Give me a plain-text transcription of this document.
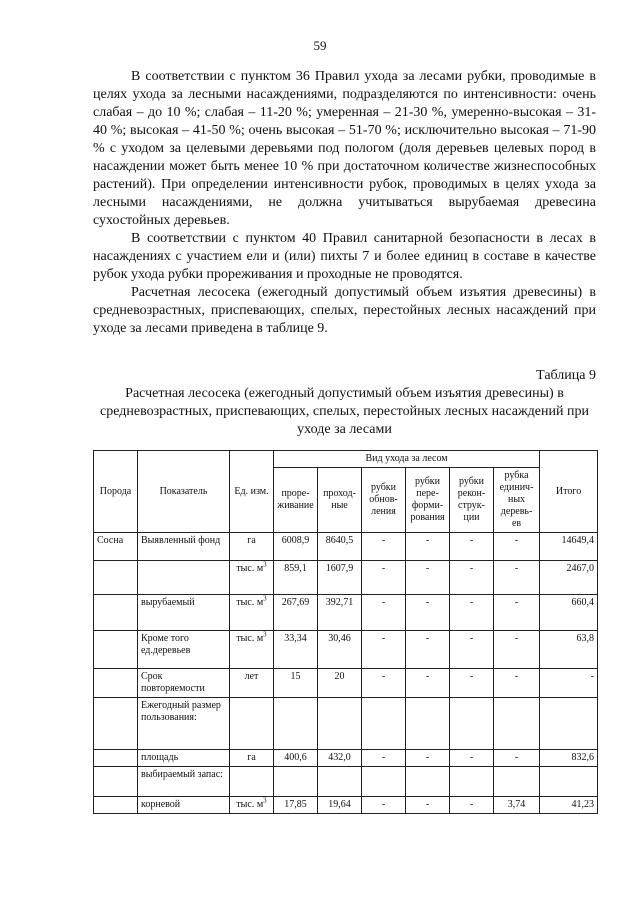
59

В соответствии с пунктом 36 Правил ухода за лесами рубки, проводимые в целях ухода за лесными насаждениями, подразделяются по интенсивности: очень слабая – до 10 %; слабая – 11-20 %; умеренная – 21-30 %, умеренно-высокая – 31-40 %; высокая – 41-50 %; очень высокая – 51-70 %; исключительно высокая – 71-90 % с уходом за целевыми деревьями под пологом (доля деревьев целевых пород в насаждении может быть менее 10 % при достаточном количестве жизнеспособных растений). При определении интенсивности рубок, проводимых в целях ухода за лесными насаждениями, не должна учитываться вырубаемая древесина сухостойных деревьев.

В соответствии с пунктом 40 Правил санитарной безопасности в лесах в насаждениях с участием ели и (или) пихты 7 и более единиц в составе в качестве рубок ухода рубки прореживания и проходные не проводятся.

Расчетная лесосека (ежегодный допустимый объем изъятия древесины) в средневозрастных, приспевающих, спелых, перестойных лесных насаждений при уходе за лесами приведена в таблице 9.

Таблица 9
Расчетная лесосека (ежегодный допустимый объем изъятия древесины) в средневозрастных, приспевающих, спелых, перестойных лесных насаждений при уходе за лесами
Порода	Показатель	Ед. изм.	Вид ухода за лесом						Итого
			проре-живание	проход-ные	рубки обнов-ления	рубки пере-форми-рования	рубки рекон-струк-ции	рубка единич-ных деревь-ев	
Сосна	Выявленный фонд	га	6008,9	8640,5	-	-	-	-	14649,4
		тыс. $м^3$	859,1	1607,9	-	-	-	-	2467,0
	вырубаемый	тыс. $м^3$	267,69	392,71	-	-	-	-	660,4
	Кроме того ед.деревьев	тыс. $м^3$	33,34	30,46	-	-	-	-	63,8
	Срок повторяемости	лет	15	20	-	-	-	-	-
	Ежегодный размер пользования:								
	площадь	га	400,6	432,0	-	-	-	-	832,6
	выбираемый запас:								
	корневой	тыс. $м^3$	17,85	19,64	-	-	-	3,74	41,23
